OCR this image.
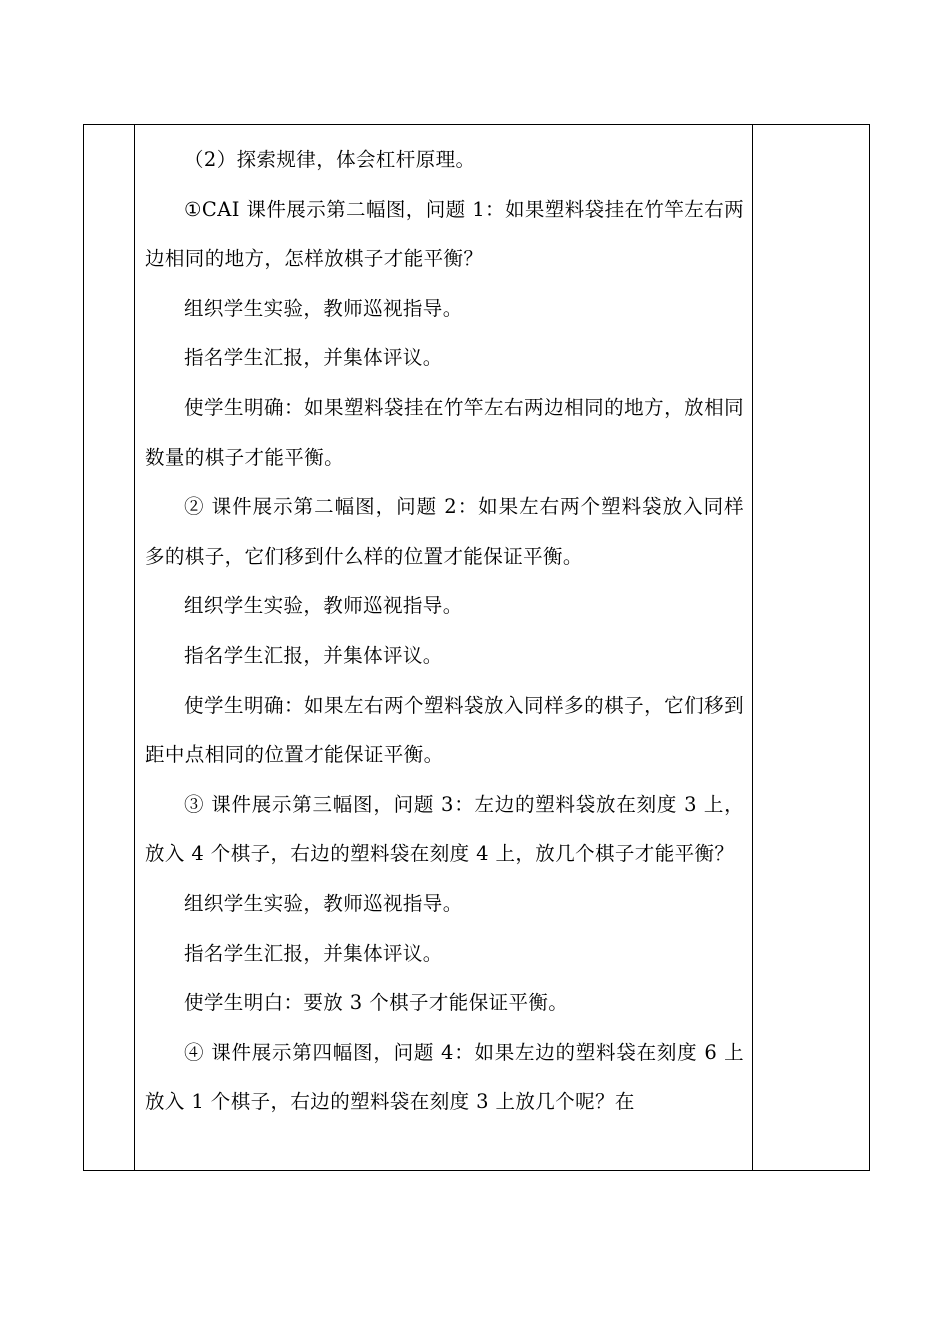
（2）探索规律，体会杠杆原理。

①CAI 课件展示第二幅图，问题 1：如果塑料袋挂在竹竿左右两边相同的地方，怎样放棋子才能平衡？

组织学生实验，教师巡视指导。

指名学生汇报，并集体评议。

使学生明确：如果塑料袋挂在竹竿左右两边相同的地方，放相同数量的棋子才能平衡。

② 课件展示第二幅图，问题 2：如果左右两个塑料袋放入同样多的棋子，它们移到什么样的位置才能保证平衡。

组织学生实验，教师巡视指导。

指名学生汇报，并集体评议。

使学生明确：如果左右两个塑料袋放入同样多的棋子，它们移到距中点相同的位置才能保证平衡。

③ 课件展示第三幅图，问题 3：左边的塑料袋放在刻度 3 上，放入 4 个棋子，右边的塑料袋在刻度 4 上，放几个棋子才能平衡？

组织学生实验，教师巡视指导。

指名学生汇报，并集体评议。

使学生明白：要放 3 个棋子才能保证平衡。

④ 课件展示第四幅图，问题 4：如果左边的塑料袋在刻度 6 上放入 1 个棋子，右边的塑料袋在刻度 3 上放几个呢？在
